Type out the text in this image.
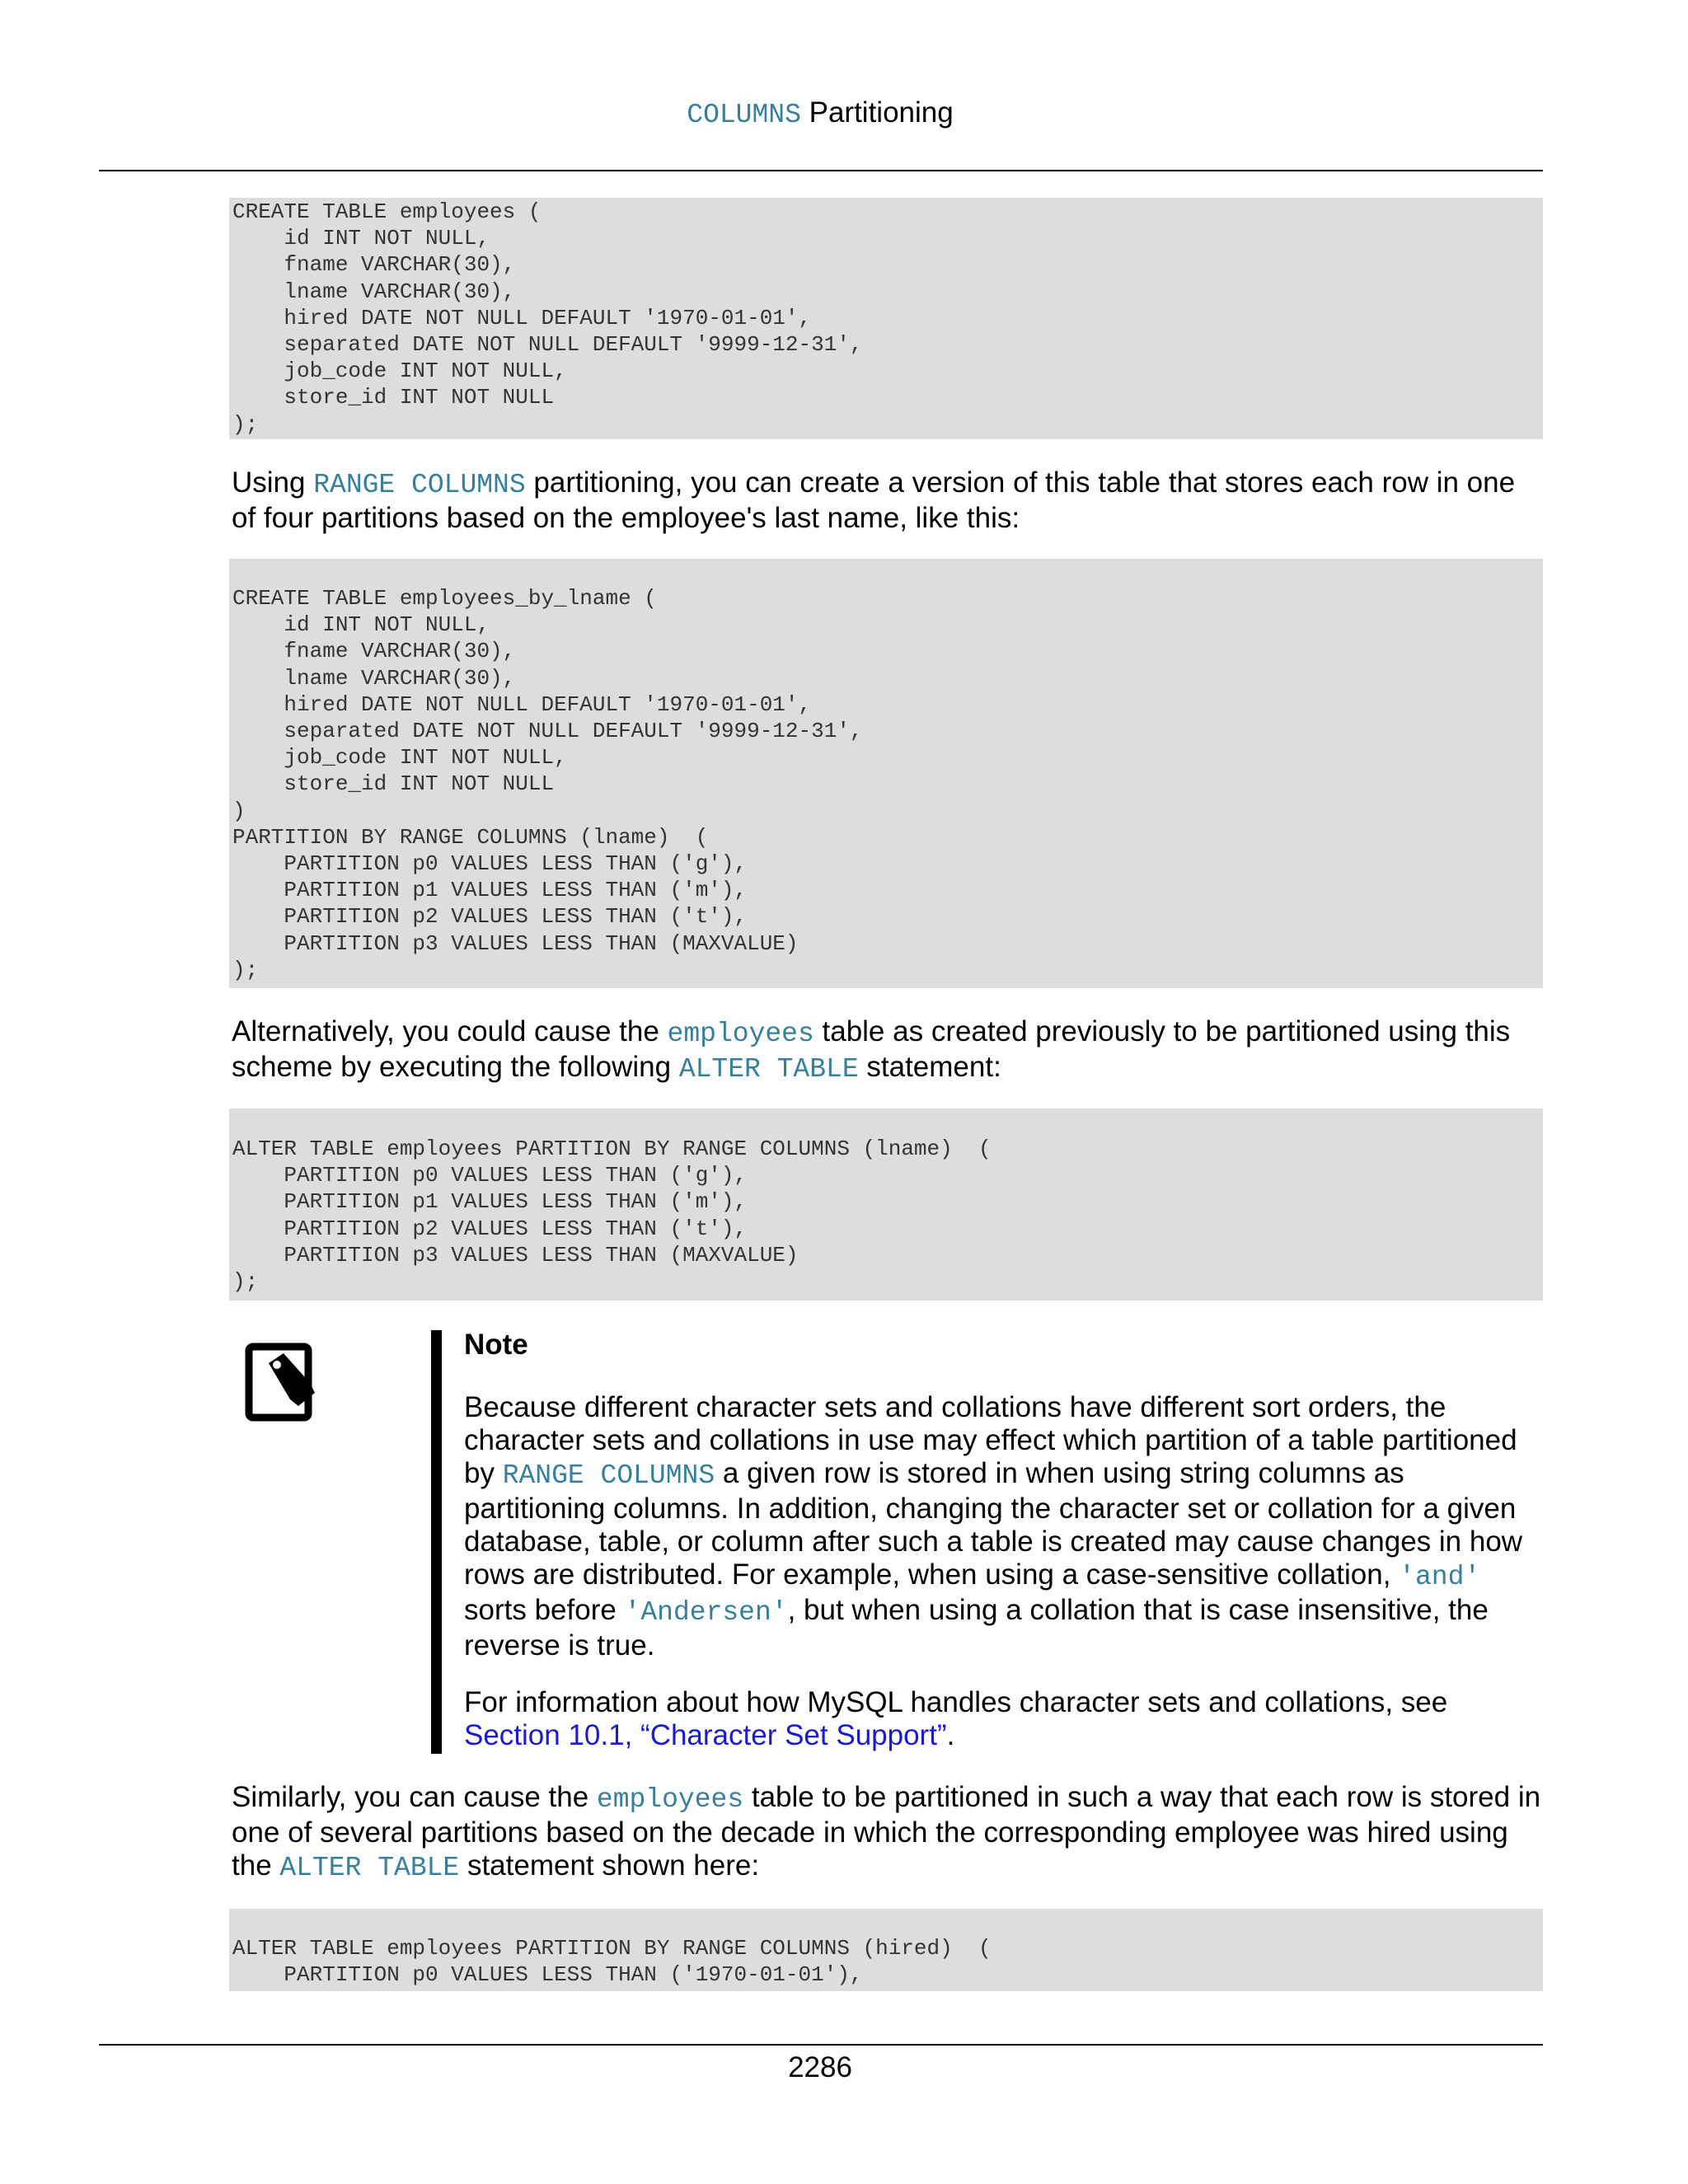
COLUMNS Partitioning
CREATE TABLE employees (
id INT NOT NULL,
fname VARCHAR(30),
lname VARCHAR(30),
hired DATE NOT NULL DEFAULT '1970-01-01',
separated DATE NOT NULL DEFAULT '9999-12-31',
job_code INT NOT NULL,
store_id INT NOT NULL
);
Using RANGE COLUMNS partitioning, you can create a version of this table that stores each row in one of four partitions based on the employee's last name, like this:
CREATE TABLE employees_by_lname (
id INT NOT NULL,
fname VARCHAR(30),
lname VARCHAR(30),
hired DATE NOT NULL DEFAULT '1970-01-01',
separated DATE NOT NULL DEFAULT '9999-12-31',
job_code INT NOT NULL,
store_id INT NOT NULL
)
PARTITION BY RANGE COLUMNS (lname)  (
PARTITION p0 VALUES LESS THAN ('g'),
PARTITION p1 VALUES LESS THAN ('m'),
PARTITION p2 VALUES LESS THAN ('t'),
PARTITION p3 VALUES LESS THAN (MAXVALUE)
);
Alternatively, you could cause the employees table as created previously to be partitioned using this scheme by executing the following ALTER TABLE statement:
ALTER TABLE employees PARTITION BY RANGE COLUMNS (lname)  (
PARTITION p0 VALUES LESS THAN ('g'),
PARTITION p1 VALUES LESS THAN ('m'),
PARTITION p2 VALUES LESS THAN ('t'),
PARTITION p3 VALUES LESS THAN (MAXVALUE)
);
Note
Because different character sets and collations have different sort orders, the character sets and collations in use may effect which partition of a table partitioned by RANGE COLUMNS a given row is stored in when using string columns as partitioning columns. In addition, changing the character set or collation for a given database, table, or column after such a table is created may cause changes in how rows are distributed. For example, when using a case-sensitive collation, 'and' sorts before 'Andersen', but when using a collation that is case insensitive, the reverse is true.
For information about how MySQL handles character sets and collations, see Section 10.1, “Character Set Support”.
Similarly, you can cause the employees table to be partitioned in such a way that each row is stored in one of several partitions based on the decade in which the corresponding employee was hired using the ALTER TABLE statement shown here:
ALTER TABLE employees PARTITION BY RANGE COLUMNS (hired)  (
PARTITION p0 VALUES LESS THAN ('1970-01-01'),
2286
